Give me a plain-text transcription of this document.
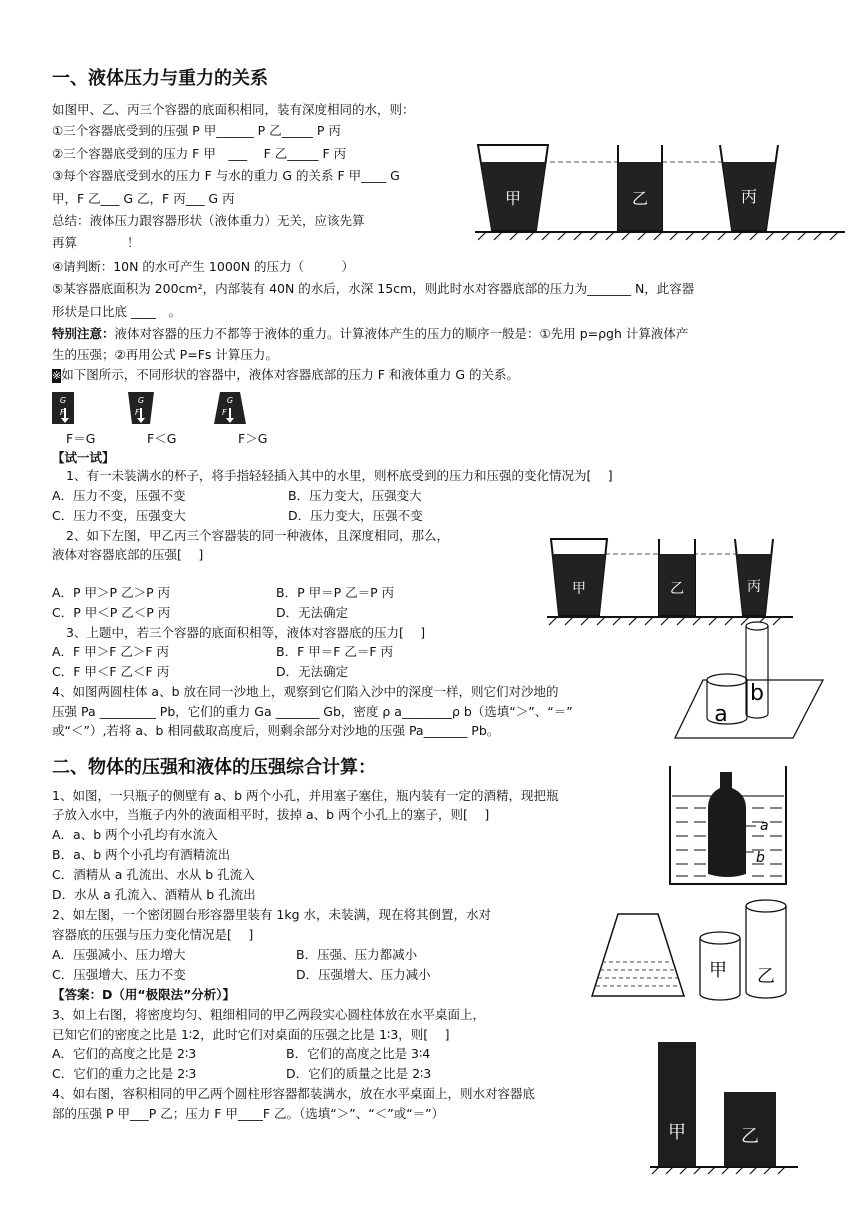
一、液体压力与重力的关系
如图甲、乙、丙三个容器的底面积相同，装有深度相同的水，则：
①三个容器底受到的压强 P 甲______ P 乙_____ P 丙
②三个容器底受到的压力 F 甲　___　 F 乙_____ F 丙
③每个容器底受到水的压力 F 与水的重力 G 的关系 F 甲____ G
甲，F 乙___ G 乙，F 丙___ G 丙
总结：液体压力跟容器形状（液体重力）无关，应该先算
再算　　　　！
④请判断：10N 的水可产生 1000N 的压力（　　　）
⑤某容器底面积为 200cm²，内部装有 40N 的水后，水深 15cm，则此时水对容器底部的压力为_______ N，此容器
形状是口比底 ____　。
特别注意：液体对容器的压力不都等于液体的重力。计算液体产生的压力的顺序一般是：①先用 p=ρgh 计算液体产
生的压强；②再用公式 P=Fs 计算压力。
※如下图所示，不同形状的容器中，液体对容器底部的压力 F 和液体重力 G 的关系。
甲	乙	丙
G
F
G
F
G
F
F＝G	F＜G	F＞G
【试一试】
1、有一未装满水的杯子，将手指轻轻插入其中的水里，则杯底受到的压力和压强的变化情况为[　 ]
A．压力不变，压强不变	B．压力变大，压强变大
C．压力不变，压强变大	D．压力变大，压强不变
2、如下左图，甲乙丙三个容器装的同一种液体，且深度相同，那么，
液体对容器底部的压强[　 ]
A．P 甲＞P 乙＞P 丙	B．P 甲＝P 乙＝P 丙
C．P 甲＜P 乙＜P 丙	D．无法确定
3、上题中，若三个容器的底面积相等，液体对容器底的压力[　 ]
A．F 甲＞F 乙＞F 丙	B．F 甲＝F 乙＝F 丙
C．F 甲＜F 乙＜F 丙	D．无法确定
4、如图两圆柱体 a、b 放在同一沙地上，观察到它们陷入沙中的深度一样，则它们对沙地的
压强 Pa _________ Pb，它们的重力 Ga _______ Gb，密度 ρ a________ρ b（选填“＞”、“＝”
或“＜”）,若将 a、b 相同截取高度后，则剩余部分对沙地的压强 Pa_______ Pb。
甲	乙	丙
a
b
二、物体的压强和液体的压强综合计算：
1、如图，一只瓶子的侧壁有 a、b 两个小孔，并用塞子塞住，瓶内装有一定的酒精，现把瓶
子放入水中，当瓶子内外的液面相平时，拔掉 a、b 两个小孔上的塞子，则[　 ]
A．a、b 两个小孔均有水流入
B．a、b 两个小孔均有酒精流出
C．酒精从 a 孔流出、水从 b 孔流入
D．水从 a 孔流入、酒精从 b 孔流出
2、如左图，一个密闭圆台形容器里装有 1kg 水，未装满，现在将其倒置，水对
容器底的压强与压力变化情况是[　 ]
A．压强减小、压力增大	B．压强、压力都减小
C．压强增大、压力不变	D．压强增大、压力减小
【答案：D（用“极限法”分析）】
3、如上右图，将密度均匀、粗细相同的甲乙两段实心圆柱体放在水平桌面上，
已知它们的密度之比是 1∶2，此时它们对桌面的压强之比是 1∶3，则[　 ]
A．它们的高度之比是 2∶3	B．它们的高度之比是 3∶4
C．它们的重力之比是 2∶3	D．它们的质量之比是 2∶3
4、如右图，容积相同的甲乙两个圆柱形容器都装满水，放在水平桌面上，则水对容器底
部的压强 P 甲___P 乙；压力 F 甲____F 乙。（选填“＞”、“＜”或“＝”）
a
b
甲 乙
甲	乙
